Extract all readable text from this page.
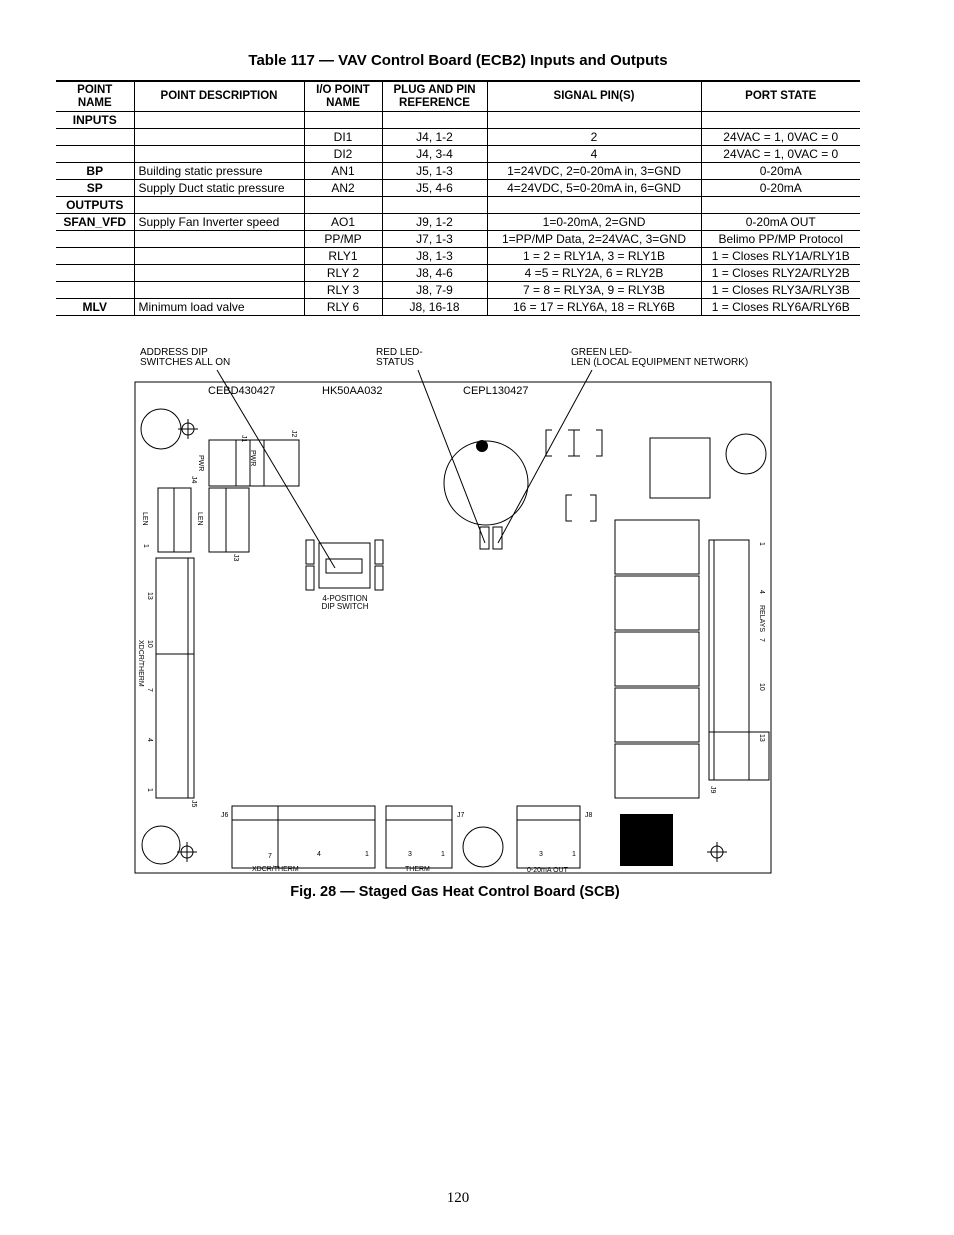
Table 117 — VAV Control Board (ECB2) Inputs and Outputs
POINT NAME	POINT DESCRIPTION	I/O POINT NAME	PLUG AND PIN REFERENCE	SIGNAL PIN(S)	PORT STATE
INPUTS					
		DI1	J4, 1-2	2	24VAC = 1, 0VAC = 0
		DI2	J4, 3-4	4	24VAC = 1, 0VAC = 0
BP	Building static pressure	AN1	J5, 1-3	1=24VDC, 2=0-20mA in, 3=GND	0-20mA
SP	Supply Duct static pressure	AN2	J5, 4-6	4=24VDC, 5=0-20mA in, 6=GND	0-20mA
OUTPUTS					
SFAN_VFD	Supply Fan Inverter speed	AO1	J9, 1-2	1=0-20mA, 2=GND	0-20mA OUT
		PP/MP	J7, 1-3	1=PP/MP Data, 2=24VAC, 3=GND	Belimo PP/MP Protocol
		RLY1	J8, 1-3	1 = 2 = RLY1A, 3 = RLY1B	1 = Closes RLY1A/RLY1B
		RLY 2	J8, 4-6	4 =5 = RLY2A, 6 = RLY2B	1 = Closes RLY2A/RLY2B
		RLY 3	J8, 7-9	7 = 8 = RLY3A, 9 = RLY3B	1 = Closes RLY3A/RLY3B
MLV	Minimum load valve	RLY 6	J8, 16-18	16 = 17 = RLY6A, 18 = RLY6B	1 = Closes RLY6A/RLY6B
ADDRESS DIP
SWITCHES ALL ON
RED LED-
STATUS
GREEN LED-
LEN (LOCAL EQUIPMENT NETWORK)
CEBD430427	HK50AA032	CEPL130427
J1
PWR
J4
J2
PWR
LEN
1
LEN
J3
13
10
XDCR/THERM
7
4
1
J5
4-POSITION
DIP SWITCH
1
4
7
RELAYS
10
13
J9
J6
7	4	1
XDCR/THERM
J7
3	1
THERM
J8
3	1
0-20mA OUT
Fig. 28 — Staged Gas Heat Control Board (SCB)
120
